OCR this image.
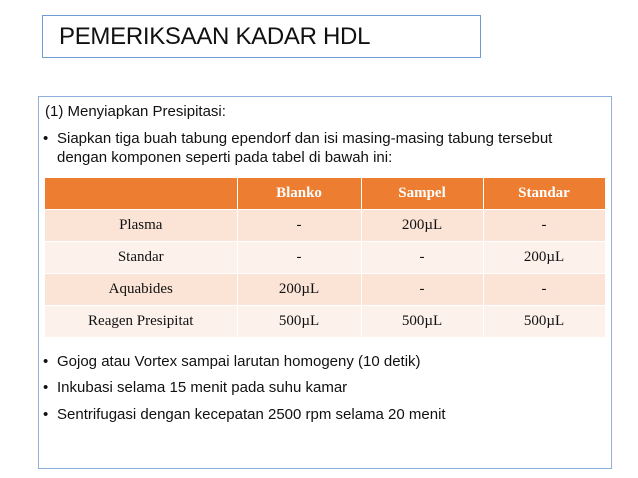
PEMERIKSAAN KADAR HDL
(1) Menyiapkan Presipitasi:
• Siapkan tiga buah tabung ependorf dan isi masing-masing tabung tersebut
dengan komponen seperti pada tabel di bawah ini:
	Blanko	Sampel	Standar
Plasma	-	200µL	-
Standar	-	-	200µL
Aquabides	200µL	-	-
Reagen Presipitat	500µL	500µL	500µL
• Gojog atau Vortex sampai larutan homogeny (10 detik)
• Inkubasi selama 15 menit pada suhu kamar
• Sentrifugasi dengan kecepatan 2500 rpm selama 20 menit
